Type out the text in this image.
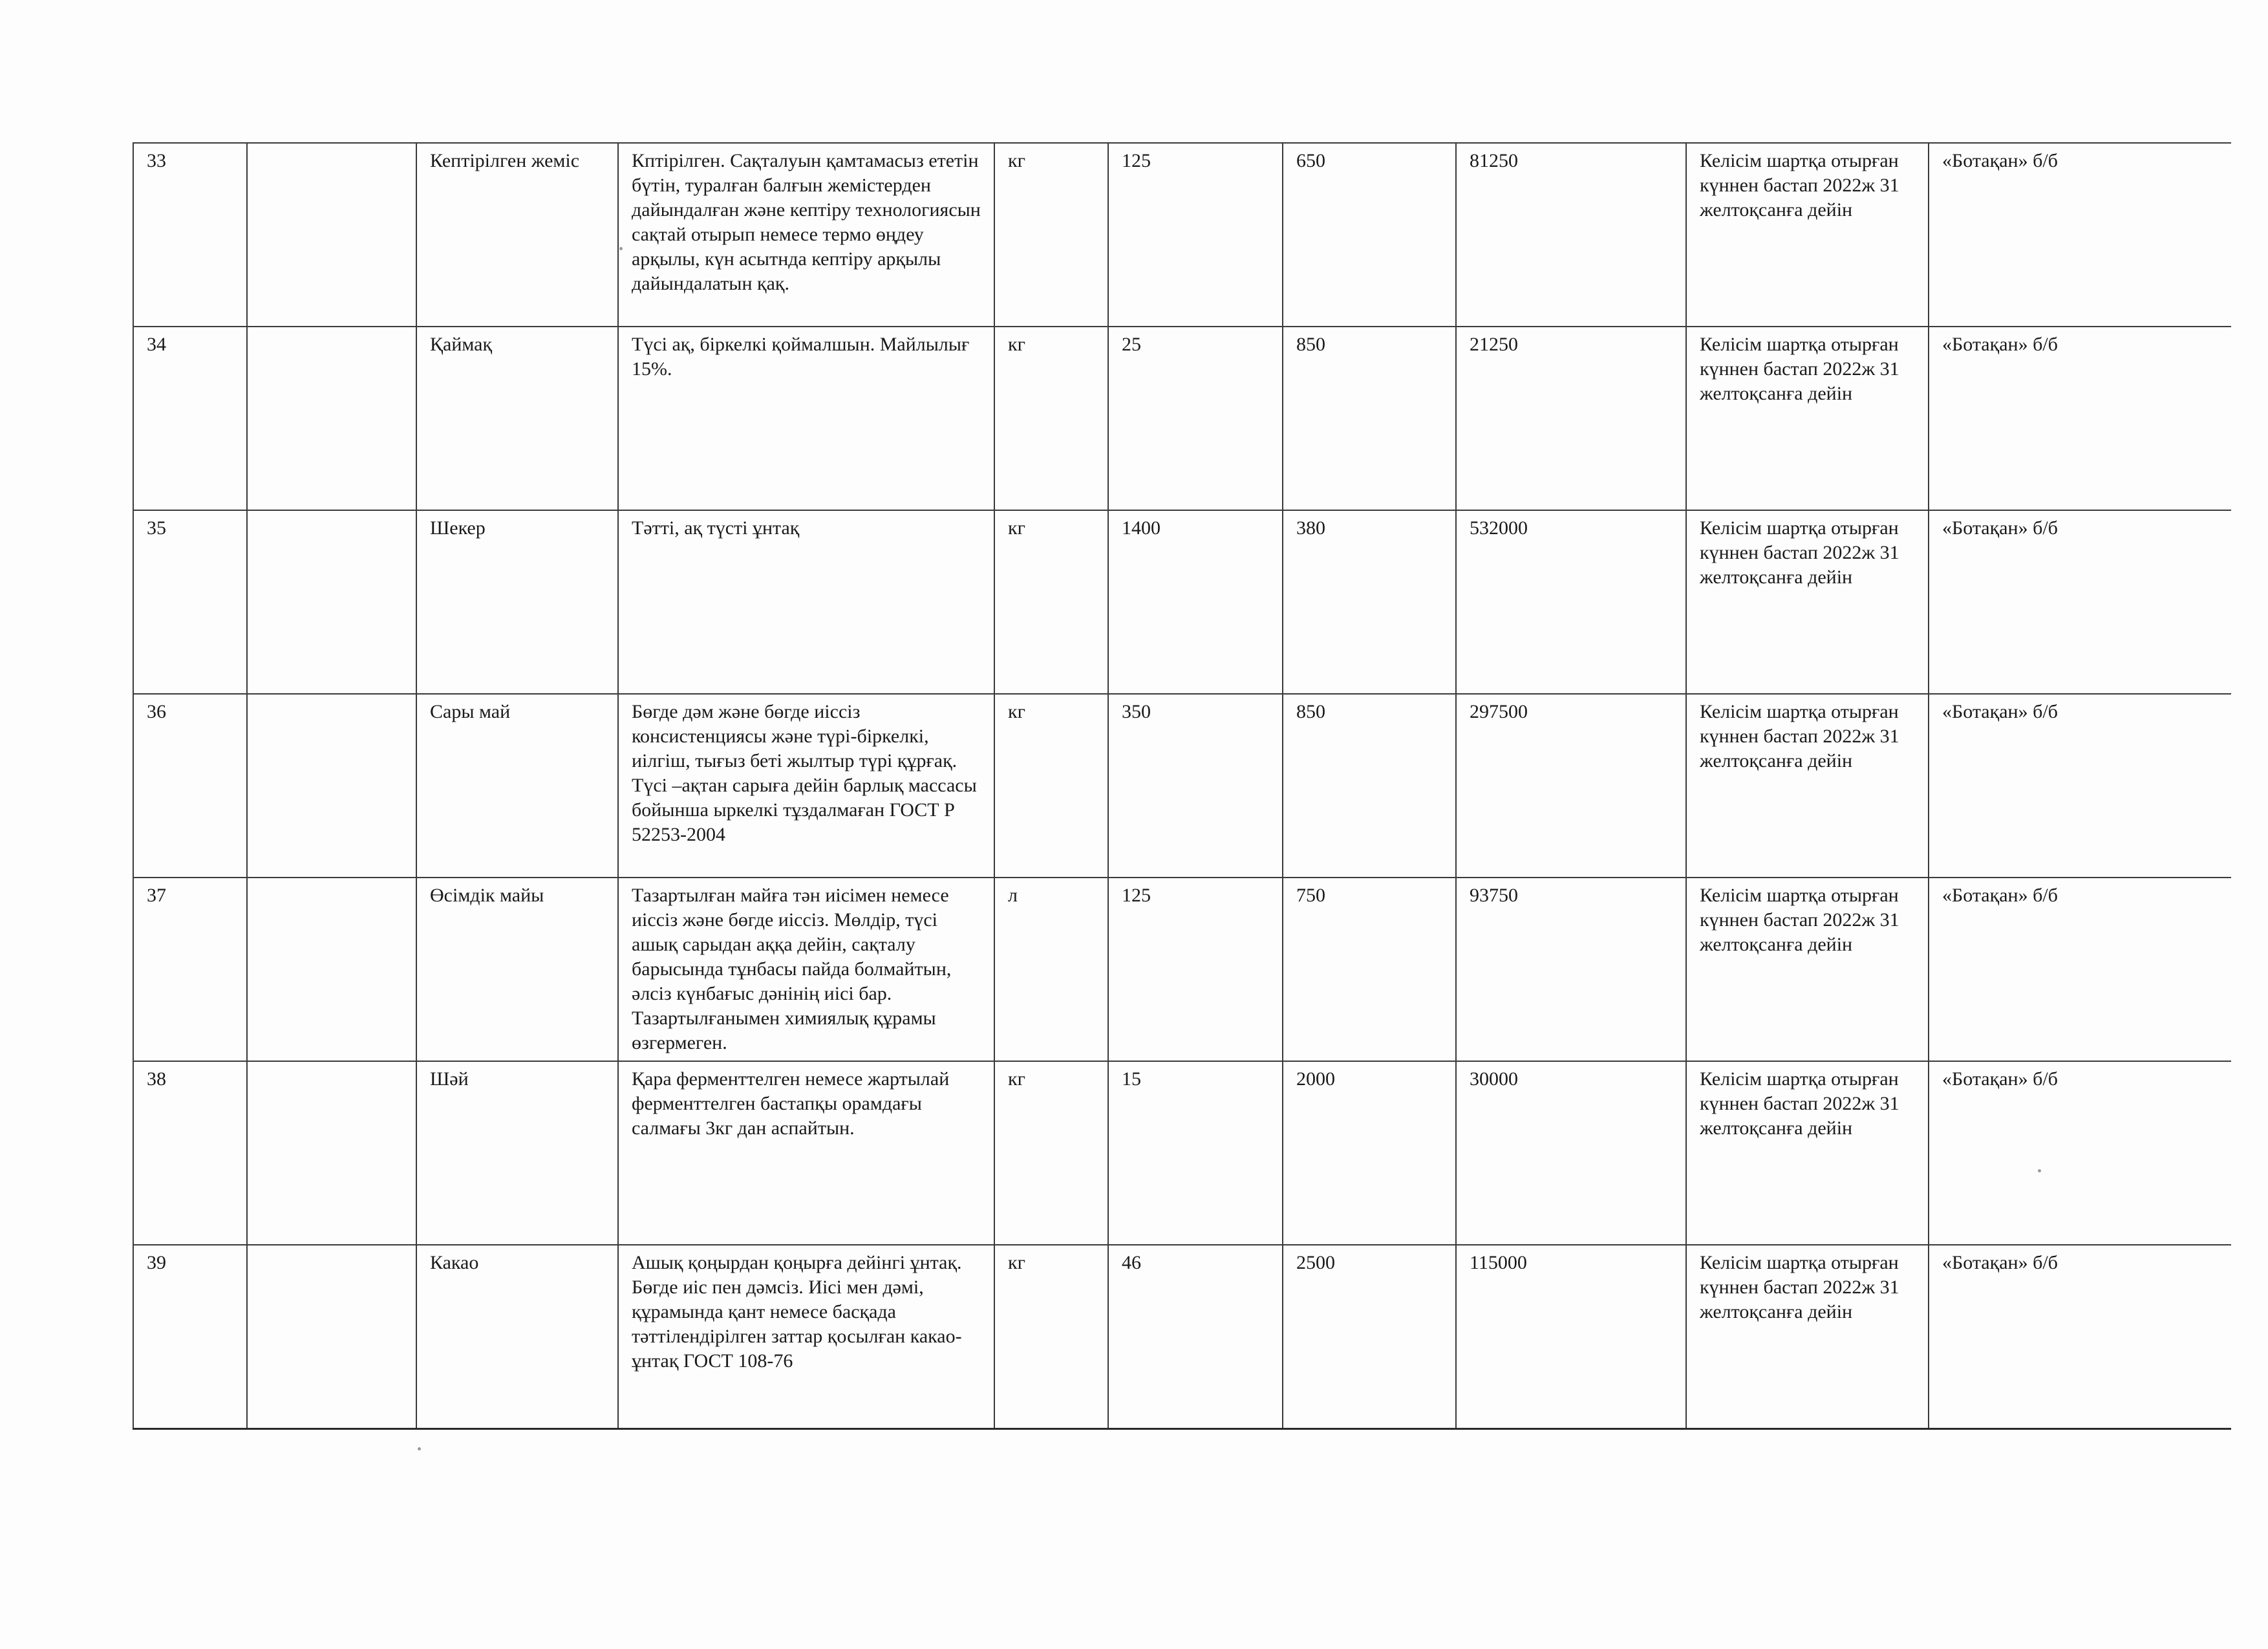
33		Кептірілген жеміс	Кптірілген. Сақталуын қамтамасыз ететін бүтін, туралған балғын жемістерден дайындалған және кептіру технологиясын сақтай отырып немесе термо өңдеу арқылы, күн асытнда кептіру арқылы дайындалатын қақ.	кг	125	650	81250	Келісім шартқа отырған күннен бастап 2022ж 31 желтоқсанға дейін	«Ботақан» б/б
34		Қаймақ	Түсі ақ, біркелкі қоймалшын. Майлылығ 15%.	кг	25	850	21250	Келісім шартқа отырған күннен бастап 2022ж 31 желтоқсанға дейін	«Ботақан» б/б
35		Шекер	Тәтті, ақ түсті ұнтақ	кг	1400	380	532000	Келісім шартқа отырған күннен бастап 2022ж 31 желтоқсанға дейін	«Ботақан» б/б
36		Сары май	Бөгде дәм және бөгде иіссіз консистенциясы және түрі-біркелкі, иілгіш, тығыз беті жылтыр түрі құрғақ. Түсі –ақтан сарыға дейін барлық массасы бойынша ыркелкі тұздалмаған ГОСТ Р 52253-2004	кг	350	850	297500	Келісім шартқа отырған күннен бастап 2022ж 31 желтоқсанға дейін	«Ботақан» б/б
37		Өсімдік майы	Тазартылған майға тән иісімен немесе иіссіз және бөгде иіссіз. Мөлдір, түсі ашық сарыдан аққа дейін, сақталу барысында тұнбасы пайда болмайтын, әлсіз күнбағыс дәнінің иісі бар. Тазартылғанымен химиялық құрамы өзгермеген.	л	125	750	93750	Келісім шартқа отырған күннен бастап 2022ж 31 желтоқсанға дейін	«Ботақан» б/б
38		Шәй	Қара ферменттелген немесе жартылай ферменттелген бастапқы орамдағы салмағы 3кг дан аспайтын.	кг	15	2000	30000	Келісім шартқа отырған күннен бастап 2022ж 31 желтоқсанға дейін	«Ботақан» б/б
39		Какао	Ашық қоңырдан қоңырға дейінгі ұнтақ. Бөгде иіс пен дәмсіз. Иісі мен дәмі, құрамында қант немесе басқада тәттілендірілген заттар қосылған какао-ұнтақ ГОСТ 108-76	кг	46	2500	115000	Келісім шартқа отырған күннен бастап 2022ж 31 желтоқсанға дейін	«Ботақан» б/б
